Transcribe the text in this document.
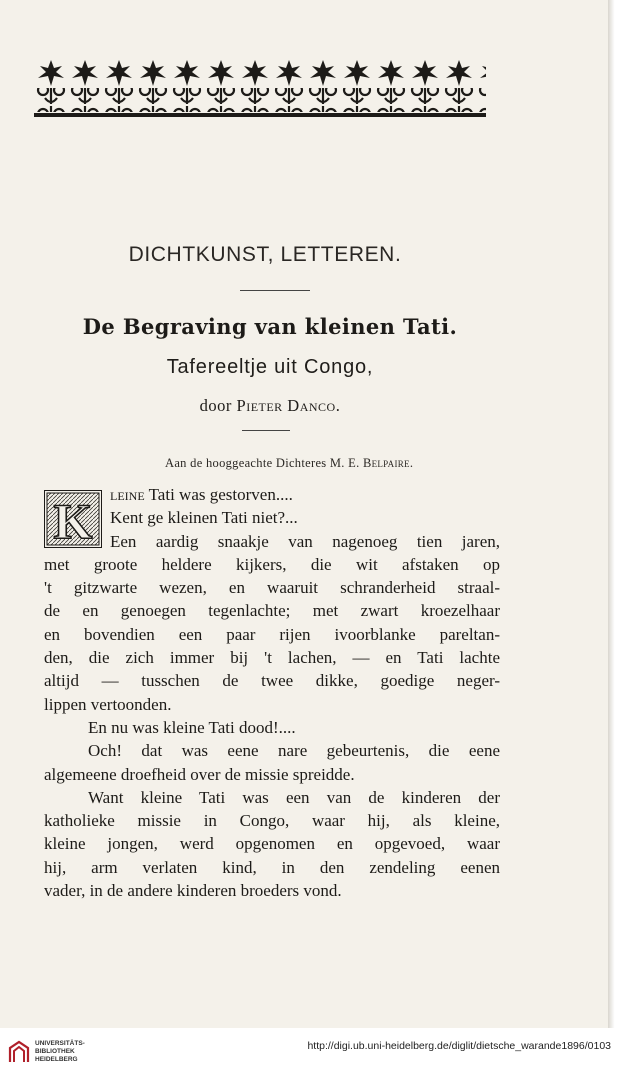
DICHTKUNST, LETTEREN.
De Begraving van kleinen Tati.

Tafereeltje uit Congo,

door Pieter Danco.
Aan de hooggeachte Dichteres M. E. Belpaire.
K	leine Tati was gestorven....
Kent ge kleinen Tati niet?...
Een aardig snaakje van nagenoeg tien jaren,
met groote heldere kijkers, die wit afstaken op
't gitzwarte wezen, en waaruit schranderheid straal-
de en genoegen tegenlachte; met zwart kroezelhaar
en bovendien een paar rijen ivoorblanke pareltan-
den, die zich immer bij 't lachen, — en Tati lachte
altijd — tusschen de twee dikke, goedige neger-
lippen vertoonden.
En nu was kleine Tati dood!....
Och! dat was eene nare gebeurtenis, die eene
algemeene droefheid over de missie spreidde.
Want kleine Tati was een van de kinderen der
katholieke missie in Congo, waar hij, als kleine,
kleine jongen, werd opgenomen en opgevoed, waar
hij, arm verlaten kind, in den zendeling eenen
vader, in de andere kinderen broeders vond.
UNIVERSITÄTS-
BIBLIOTHEK
HEIDELBERG
http://digi.ub.uni-heidelberg.de/diglit/dietsche_warande1896/0103
